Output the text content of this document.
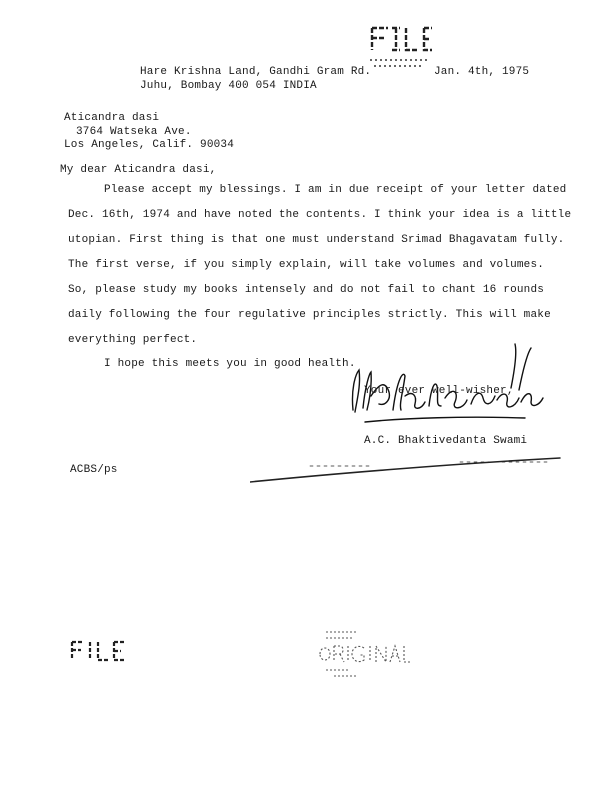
Hare Krishna Land, Gandhi Gram Rd.
Juhu, Bombay 400 054 INDIA
Jan. 4th, 1975
Aticandra dasi
3764 Watseka Ave.
Los Angeles, Calif. 90034
My dear Aticandra dasi,

Please accept my blessings. I am in due receipt of your letter dated

Dec. 16th, 1974 and have noted the contents. I think your idea is a little

utopian. First thing is that one must understand Srimad Bhagavatam fully.

The first verse, if you simply explain, will take volumes and volumes.

So, please study my books intensely and do not fail to chant 16 rounds

daily following the four regulative principles strictly. This will make

everything perfect.

I hope this meets you in good health.
Your ever well-wisher,
A.C. Bhaktivedanta Swami
ACBS/ps
